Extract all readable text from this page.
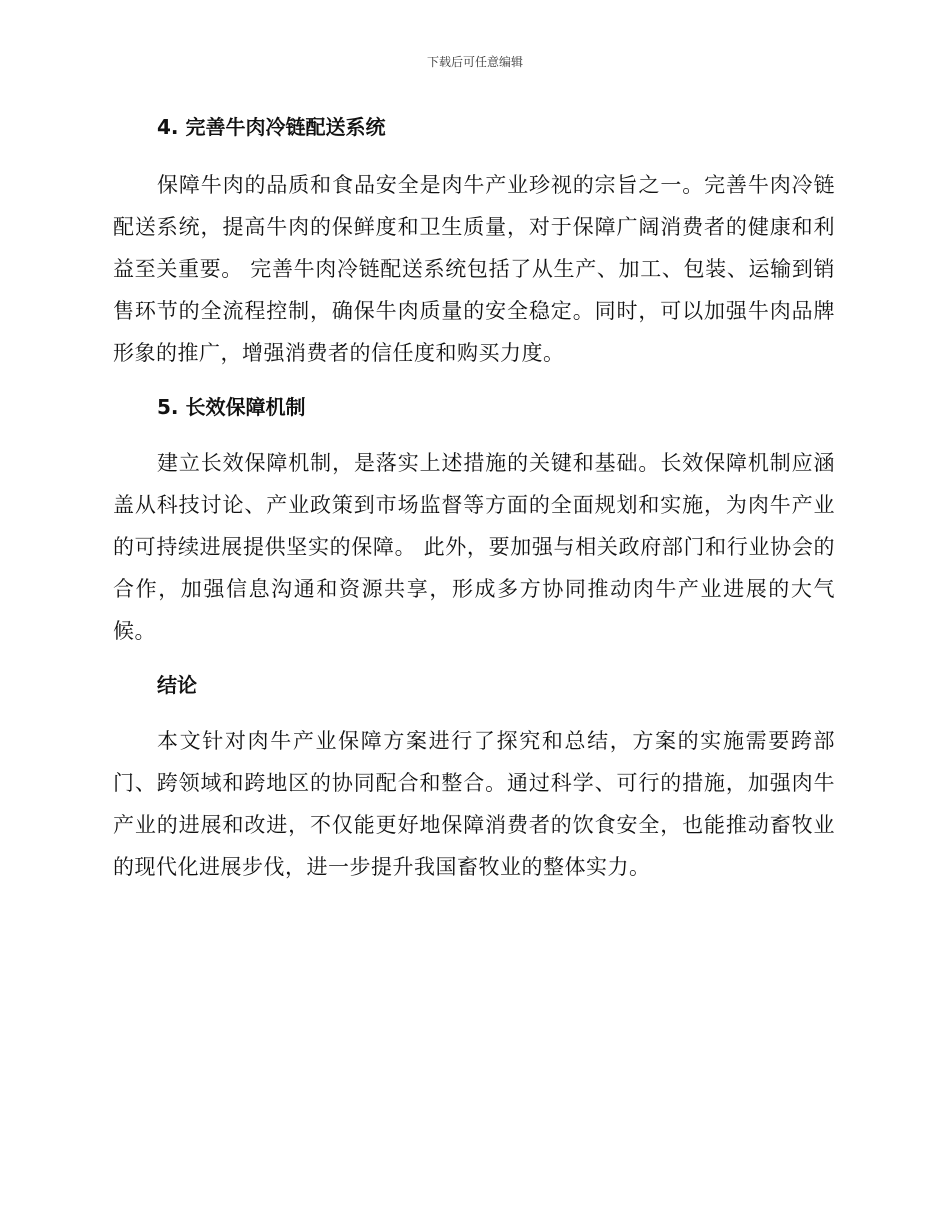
下载后可任意编辑
4. 完善牛肉冷链配送系统

保障牛肉的品质和食品安全是肉牛产业珍视的宗旨之一。完善牛肉冷链配送系统，提高牛肉的保鲜度和卫生质量，对于保障广阔消费者的健康和利益至关重要。 完善牛肉冷链配送系统包括了从生产、加工、包装、运输到销售环节的全流程控制，确保牛肉质量的安全稳定。同时，可以加强牛肉品牌形象的推广，增强消费者的信任度和购买力度。

5. 长效保障机制

建立长效保障机制，是落实上述措施的关键和基础。长效保障机制应涵盖从科技讨论、产业政策到市场监督等方面的全面规划和实施，为肉牛产业的可持续进展提供坚实的保障。 此外，要加强与相关政府部门和行业协会的合作，加强信息沟通和资源共享，形成多方协同推动肉牛产业进展的大气候。

结论

本文针对肉牛产业保障方案进行了探究和总结，方案的实施需要跨部门、跨领域和跨地区的协同配合和整合。通过科学、可行的措施，加强肉牛产业的进展和改进，不仅能更好地保障消费者的饮食安全，也能推动畜牧业的现代化进展步伐，进一步提升我国畜牧业的整体实力。
